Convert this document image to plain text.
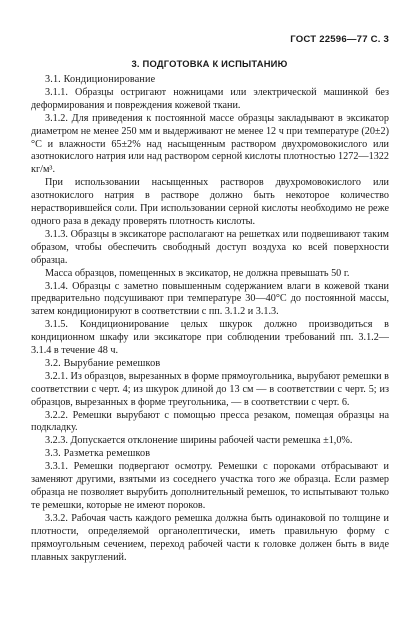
ГОСТ 22596—77 С. 3
3. ПОДГОТОВКА К ИСПЫТАНИЮ

3.1. Кондиционирование

3.1.1. Образцы остригают ножницами или электрической машинкой без деформирования и повреждения кожевой ткани.

3.1.2. Для приведения к постоянной массе образцы закладывают в эксикатор диаметром не менее 250 мм и выдерживают не менее 12 ч при температуре (20±2)°С и влажности 65±2% над насыщенным раствором двухромовокислого или азотнокислого натрия или над раствором серной кислоты плотностью 1272—1322 кг/м³.

При использовании насыщенных растворов двухромовокислого или азотнокислого натрия в растворе должно быть некоторое количество нерастворившейся соли. При использовании серной кислоты необходимо не реже одного раза в декаду проверять плотность кислоты.

3.1.3. Образцы в эксикаторе располагают на решетках или подвешивают таким образом, чтобы обеспечить свободный доступ воздуха ко всей поверхности образца.

Масса образцов, помещенных в эксикатор, не должна превышать 50 г.

3.1.4. Образцы с заметно повышенным содержанием влаги в кожевой ткани предварительно подсушивают при температуре 30—40°С до постоянной массы, затем кондиционируют в соответствии с пп. 3.1.2 и 3.1.3.

3.1.5. Кондиционирование целых шкурок должно производиться в кондиционном шкафу или эксикаторе при соблюдении требований пп. 3.1.2—3.1.4 в течение 48 ч.

3.2. Вырубание ремешков

3.2.1. Из образцов, вырезанных в форме прямоугольника, вырубают ремешки в соответствии с черт. 4; из шкурок длиной до 13 см — в соответствии с черт. 5; из образцов, вырезанных в форме треугольника, — в соответствии с черт. 6.

3.2.2. Ремешки вырубают с помощью пресса резаком, помещая образцы на подкладку.

3.2.3. Допускается отклонение ширины рабочей части ремешка ±1,0%.

3.3. Разметка ремешков

3.3.1. Ремешки подвергают осмотру. Ремешки с пороками отбрасывают и заменяют другими, взятыми из соседнего участка того же образца. Если размер образца не позволяет вырубить дополнительный ремешок, то испытывают только те ремешки, которые не имеют пороков.

3.3.2. Рабочая часть каждого ремешка должна быть одинаковой по толщине и плотности, определяемой органолептически, иметь правильную форму с прямоугольным сечением, переход рабочей части к головке должен быть в виде плавных закруглений.
